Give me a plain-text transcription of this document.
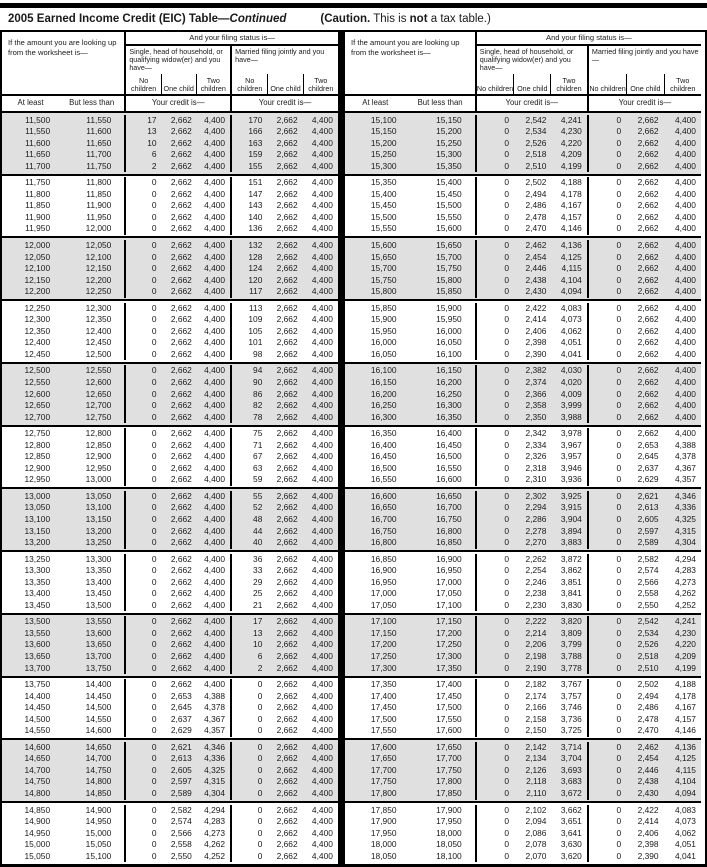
2005 Earned Income Credit (EIC) Table—Continued	(Caution. This is not a tax table.)
If the amount you are looking up from the worksheet is—
And your filing status is—
Single, head of household, or qualifying widow(er) and you have—
No children	One child
Two children
Married filing jointly and you have—
No children	One child
Two children
At least	But less than	Your credit is—	Your credit is—
11,500	11,550	17	2,662	4,400	170	2,662	4,400
11,550	11,600	13	2,662	4,400	166	2,662	4,400
11,600	11,650	10	2,662	4,400	163	2,662	4,400
11,650	11,700	6	2,662	4,400	159	2,662	4,400
11,700	11,750	2	2,662	4,400	155	2,662	4,400
11,750	11,800	0	2,662	4,400	151	2,662	4,400
11,800	11,850	0	2,662	4,400	147	2,662	4,400
11,850	11,900	0	2,662	4,400	143	2,662	4,400
11,900	11,950	0	2,662	4,400	140	2,662	4,400
11,950	12,000	0	2,662	4,400	136	2,662	4,400
12,000	12,050	0	2,662	4,400	132	2,662	4,400
12,050	12,100	0	2,662	4,400	128	2,662	4,400
12,100	12,150	0	2,662	4,400	124	2,662	4,400
12,150	12,200	0	2,662	4,400	120	2,662	4,400
12,200	12,250	0	2,662	4,400	117	2,662	4,400
12,250	12,300	0	2,662	4,400	113	2,662	4,400
12,300	12,350	0	2,662	4,400	109	2,662	4,400
12,350	12,400	0	2,662	4,400	105	2,662	4,400
12,400	12,450	0	2,662	4,400	101	2,662	4,400
12,450	12,500	0	2,662	4,400	98	2,662	4,400
12,500	12,550	0	2,662	4,400	94	2,662	4,400
12,550	12,600	0	2,662	4,400	90	2,662	4,400
12,600	12,650	0	2,662	4,400	86	2,662	4,400
12,650	12,700	0	2,662	4,400	82	2,662	4,400
12,700	12,750	0	2,662	4,400	78	2,662	4,400
12,750	12,800	0	2,662	4,400	75	2,662	4,400
12,800	12,850	0	2,662	4,400	71	2,662	4,400
12,850	12,900	0	2,662	4,400	67	2,662	4,400
12,900	12,950	0	2,662	4,400	63	2,662	4,400
12,950	13,000	0	2,662	4,400	59	2,662	4,400
13,000	13,050	0	2,662	4,400	55	2,662	4,400
13,050	13,100	0	2,662	4,400	52	2,662	4,400
13,100	13,150	0	2,662	4,400	48	2,662	4,400
13,150	13,200	0	2,662	4,400	44	2,662	4,400
13,200	13,250	0	2,662	4,400	40	2,662	4,400
13,250	13,300	0	2,662	4,400	36	2,662	4,400
13,300	13,350	0	2,662	4,400	33	2,662	4,400
13,350	13,400	0	2,662	4,400	29	2,662	4,400
13,400	13,450	0	2,662	4,400	25	2,662	4,400
13,450	13,500	0	2,662	4,400	21	2,662	4,400
13,500	13,550	0	2,662	4,400	17	2,662	4,400
13,550	13,600	0	2,662	4,400	13	2,662	4,400
13,600	13,650	0	2,662	4,400	10	2,662	4,400
13,650	13,700	0	2,662	4,400	6	2,662	4,400
13,700	13,750	0	2,662	4,400	2	2,662	4,400
13,750	14,400	0	2,662	4,400	0	2,662	4,400
14,400	14,450	0	2,653	4,388	0	2,662	4,400
14,450	14,500	0	2,645	4,378	0	2,662	4,400
14,500	14,550	0	2,637	4,367	0	2,662	4,400
14,550	14,600	0	2,629	4,357	0	2,662	4,400
14,600	14,650	0	2,621	4,346	0	2,662	4,400
14,650	14,700	0	2,613	4,336	0	2,662	4,400
14,700	14,750	0	2,605	4,325	0	2,662	4,400
14,750	14,800	0	2,597	4,315	0	2,662	4,400
14,800	14,850	0	2,589	4,304	0	2,662	4,400
14,850	14,900	0	2,582	4,294	0	2,662	4,400
14,900	14,950	0	2,574	4,283	0	2,662	4,400
14,950	15,000	0	2,566	4,273	0	2,662	4,400
15,000	15,050	0	2,558	4,262	0	2,662	4,400
15,050	15,100	0	2,550	4,252	0	2,662	4,400
If the amount you are looking up from the worksheet is—
And your filing status is—
Single, head of household, or qualifying widow(er) and you have—
No children One child
Two children
Married filing jointly and you have—
No children One child
Two children
At least	But less than	Your credit is—	Your credit is—
15,100	15,150	0	2,542	4,241	0	2,662	4,400
15,150	15,200	0	2,534	4,230	0	2,662	4,400
15,200	15,250	0	2,526	4,220	0	2,662	4,400
15,250	15,300	0	2,518	4,209	0	2,662	4,400
15,300	15,350	0	2,510	4,199	0	2,662	4,400
15,350	15,400	0	2,502	4,188	0	2,662	4,400
15,400	15,450	0	2,494	4,178	0	2,662	4,400
15,450	15,500	0	2,486	4,167	0	2,662	4,400
15,500	15,550	0	2,478	4,157	0	2,662	4,400
15,550	15,600	0	2,470	4,146	0	2,662	4,400
15,600	15,650	0	2,462	4,136	0	2,662	4,400
15,650	15,700	0	2,454	4,125	0	2,662	4,400
15,700	15,750	0	2,446	4,115	0	2,662	4,400
15,750	15,800	0	2,438	4,104	0	2,662	4,400
15,800	15,850	0	2,430	4,094	0	2,662	4,400
15,850	15,900	0	2,422	4,083	0	2,662	4,400
15,900	15,950	0	2,414	4,073	0	2,662	4,400
15,950	16,000	0	2,406	4,062	0	2,662	4,400
16,000	16,050	0	2,398	4,051	0	2,662	4,400
16,050	16,100	0	2,390	4,041	0	2,662	4,400
16,100	16,150	0	2,382	4,030	0	2,662	4,400
16,150	16,200	0	2,374	4,020	0	2,662	4,400
16,200	16,250	0	2,366	4,009	0	2,662	4,400
16,250	16,300	0	2,358	3,999	0	2,662	4,400
16,300	16,350	0	2,350	3,988	0	2,662	4,400
16,350	16,400	0	2,342	3,978	0	2,662	4,400
16,400	16,450	0	2,334	3,967	0	2,653	4,388
16,450	16,500	0	2,326	3,957	0	2,645	4,378
16,500	16,550	0	2,318	3,946	0	2,637	4,367
16,550	16,600	0	2,310	3,936	0	2,629	4,357
16,600	16,650	0	2,302	3,925	0	2,621	4,346
16,650	16,700	0	2,294	3,915	0	2,613	4,336
16,700	16,750	0	2,286	3,904	0	2,605	4,325
16,750	16,800	0	2,278	3,894	0	2,597	4,315
16,800	16,850	0	2,270	3,883	0	2,589	4,304
16,850	16,900	0	2,262	3,872	0	2,582	4,294
16,900	16,950	0	2,254	3,862	0	2,574	4,283
16,950	17,000	0	2,246	3,851	0	2,566	4,273
17,000	17,050	0	2,238	3,841	0	2,558	4,262
17,050	17,100	0	2,230	3,830	0	2,550	4,252
17,100	17,150	0	2,222	3,820	0	2,542	4,241
17,150	17,200	0	2,214	3,809	0	2,534	4,230
17,200	17,250	0	2,206	3,799	0	2,526	4,220
17,250	17,300	0	2,198	3,788	0	2,518	4,209
17,300	17,350	0	2,190	3,778	0	2,510	4,199
17,350	17,400	0	2,182	3,767	0	2,502	4,188
17,400	17,450	0	2,174	3,757	0	2,494	4,178
17,450	17,500	0	2,166	3,746	0	2,486	4,167
17,500	17,550	0	2,158	3,736	0	2,478	4,157
17,550	17,600	0	2,150	3,725	0	2,470	4,146
17,600	17,650	0	2,142	3,714	0	2,462	4,136
17,650	17,700	0	2,134	3,704	0	2,454	4,125
17,700	17,750	0	2,126	3,693	0	2,446	4,115
17,750	17,800	0	2,118	3,683	0	2,438	4,104
17,800	17,850	0	2,110	3,672	0	2,430	4,094
17,850	17,900	0	2,102	3,662	0	2,422	4,083
17,900	17,950	0	2,094	3,651	0	2,414	4,073
17,950	18,000	0	2,086	3,641	0	2,406	4,062
18,000	18,050	0	2,078	3,630	0	2,398	4,051
18,050	18,100	0	2,070	3,620	0	2,390	4,041
